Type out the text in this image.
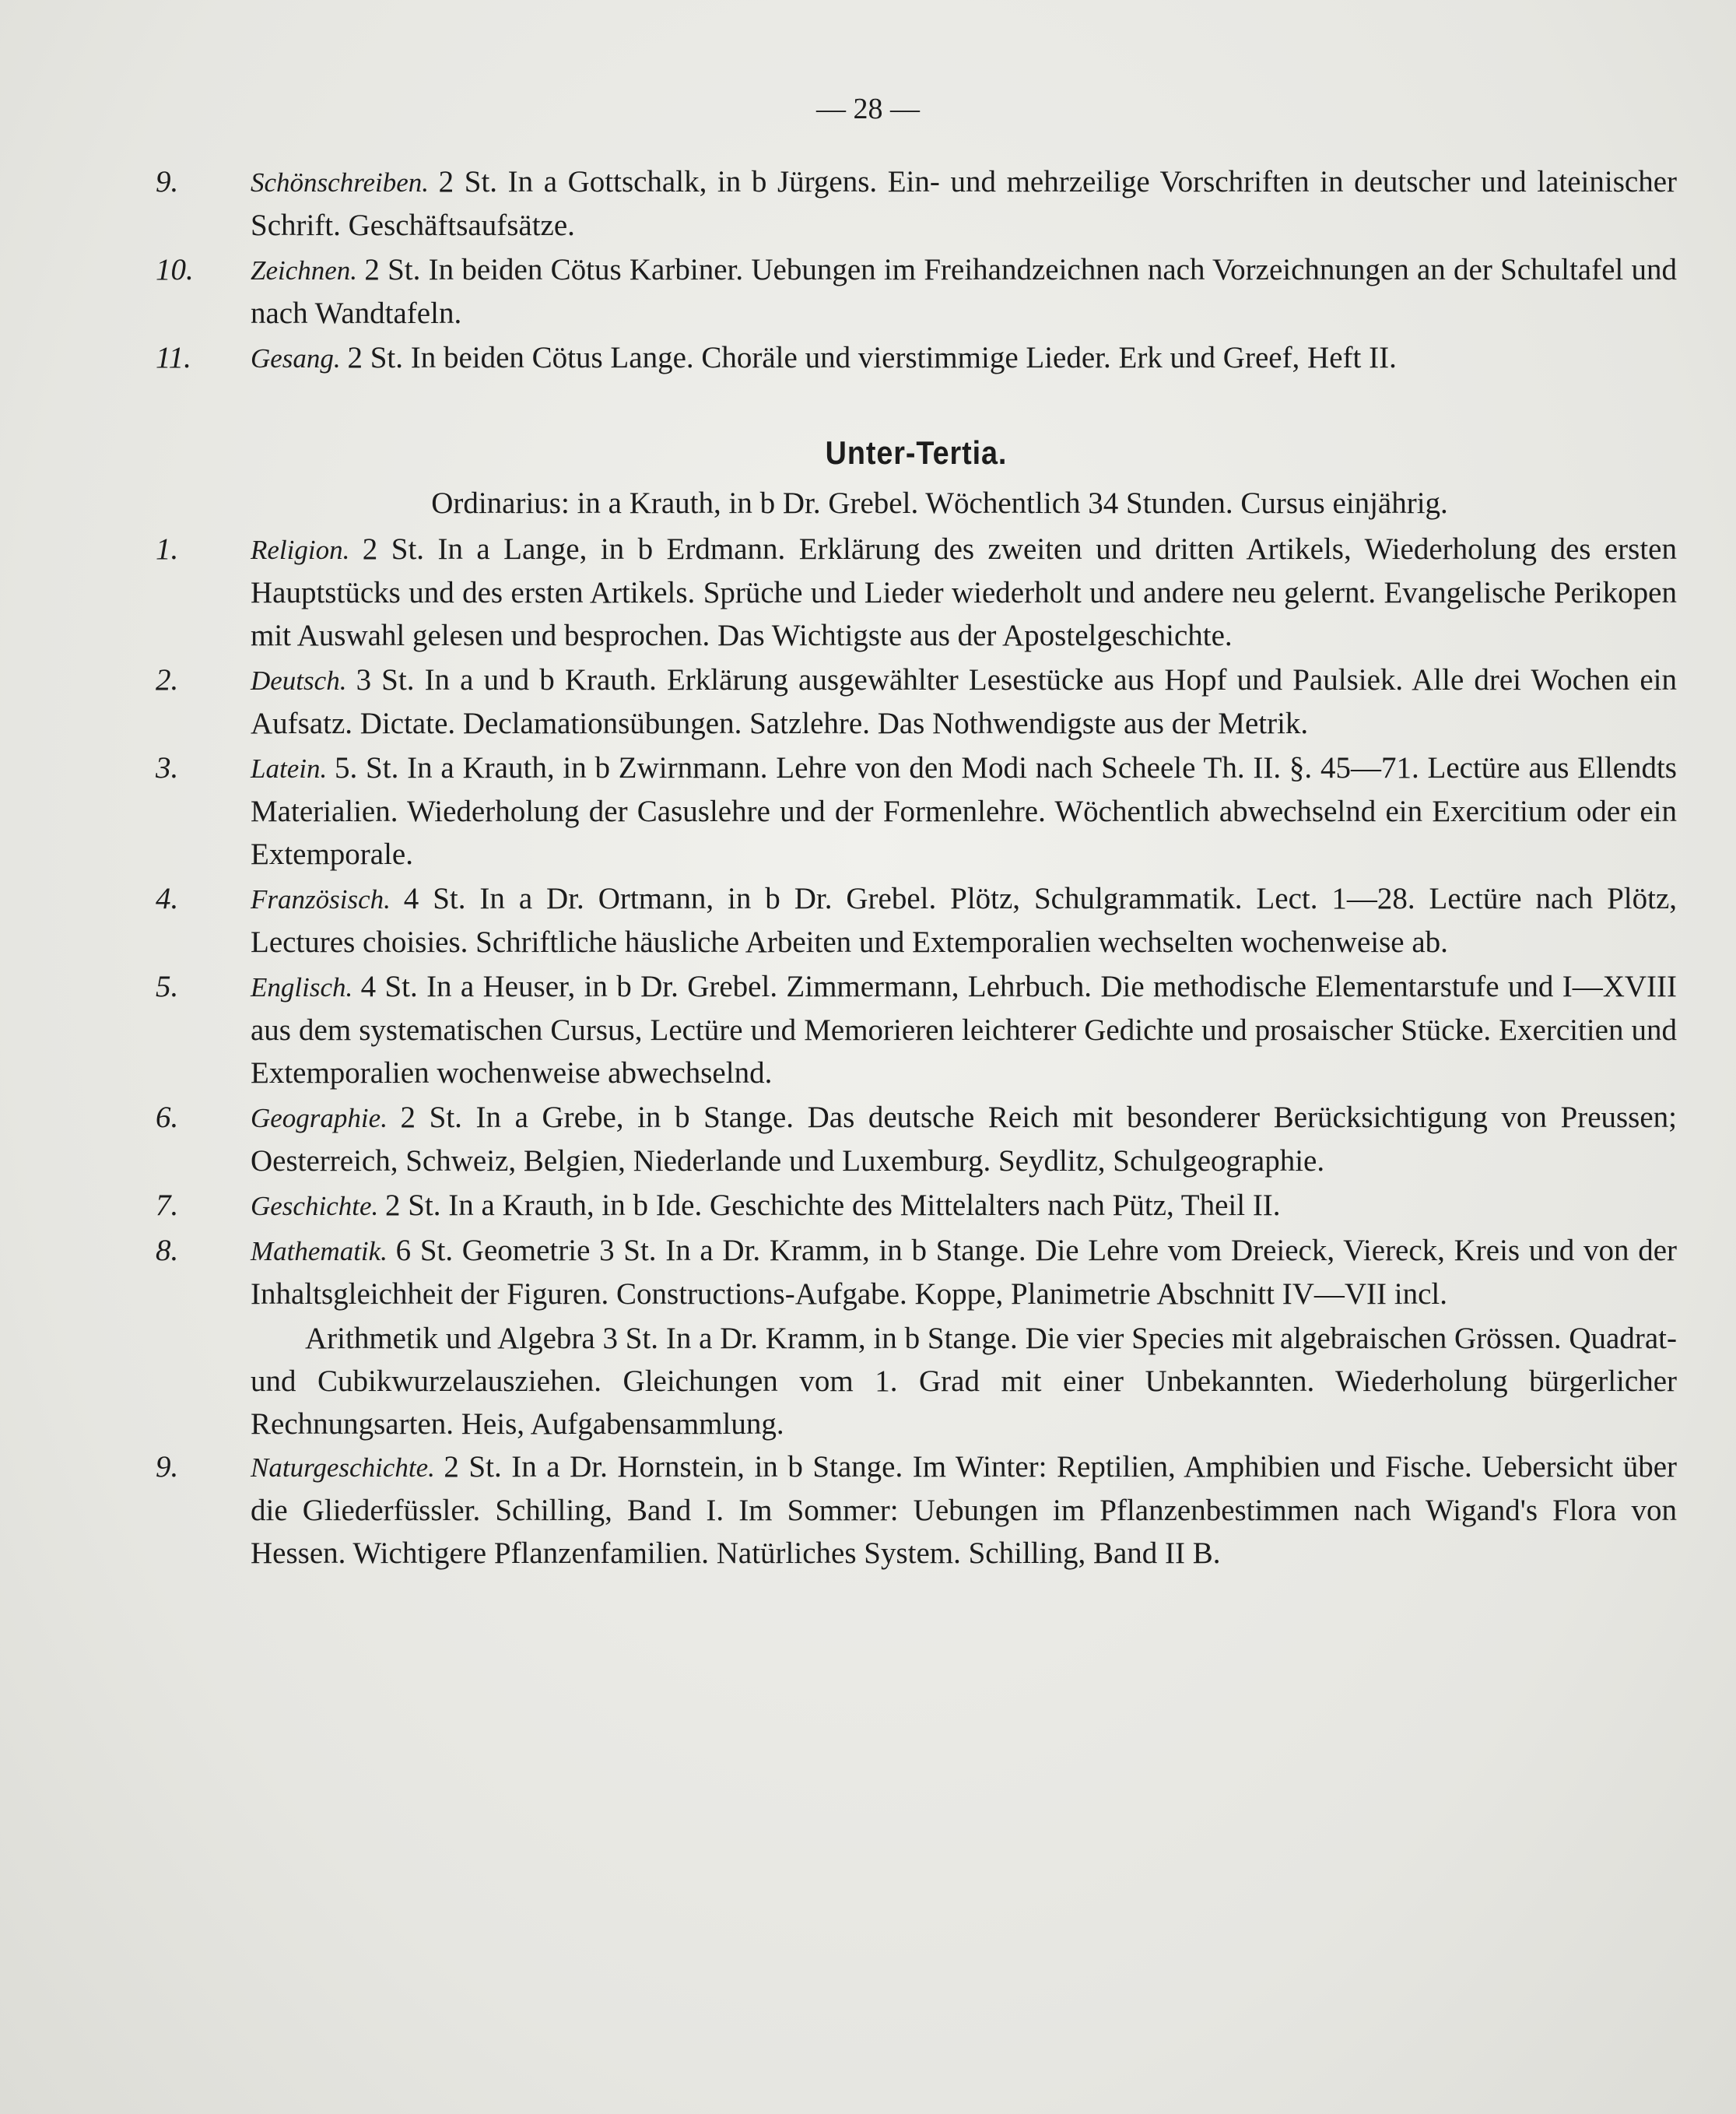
— 28 —
9.	Schönschreiben. 2 St. In a Gottschalk, in b Jürgens. Ein- und mehrzeilige Vorschriften in deutscher und lateinischer Schrift. Geschäftsaufsätze.
10. Zeichnen. 2 St. In beiden Cötus Karbiner. Uebungen im Freihandzeichnen nach Vorzeichnungen an der Schultafel und nach Wandtafeln.
11. Gesang. 2 St. In beiden Cötus Lange. Choräle und vierstimmige Lieder. Erk und Greef, Heft II.
Unter-Tertia.
Ordinarius: in a Krauth, in b Dr. Grebel. Wöchentlich 34 Stunden. Cursus einjährig.
1.	Religion. 2 St. In a Lange, in b Erdmann. Erklärung des zweiten und dritten Artikels, Wiederholung des ersten Hauptstücks und des ersten Artikels. Sprüche und Lieder wiederholt und andere neu gelernt. Evangelische Perikopen mit Auswahl gelesen und besprochen. Das Wichtigste aus der Apostelgeschichte.
2.	Deutsch. 3 St. In a und b Krauth. Erklärung ausgewählter Lesestücke aus Hopf und Paulsiek. Alle drei Wochen ein Aufsatz. Dictate. Declamationsübungen. Satzlehre. Das Nothwendigste aus der Metrik.
3.	Latein. 5. St. In a Krauth, in b Zwirnmann. Lehre von den Modi nach Scheele Th. II. §. 45—71. Lectüre aus Ellendts Materialien. Wiederholung der Casuslehre und der Formenlehre. Wöchentlich abwechselnd ein Exercitium oder ein Extemporale.
4.	Französisch. 4 St. In a Dr. Ortmann, in b Dr. Grebel. Plötz, Schulgrammatik. Lect. 1—28. Lectüre nach Plötz, Lectures choisies. Schriftliche häusliche Arbeiten und Extemporalien wechselten wochenweise ab.
5.	Englisch. 4 St. In a Heuser, in b Dr. Grebel. Zimmermann, Lehrbuch. Die methodische Elementarstufe und I—XVIII aus dem systematischen Cursus, Lectüre und Memorieren leichterer Gedichte und prosaischer Stücke. Exercitien und Extemporalien wochenweise abwechselnd.
6.	Geographie. 2 St. In a Grebe, in b Stange. Das deutsche Reich mit besonderer Berücksichtigung von Preussen; Oesterreich, Schweiz, Belgien, Niederlande und Luxemburg. Seydlitz, Schulgeographie.
7.	Geschichte. 2 St. In a Krauth, in b Ide. Geschichte des Mittelalters nach Pütz, Theil II.
8.	Mathematik. 6 St. Geometrie 3 St. In a Dr. Kramm, in b Stange. Die Lehre vom Dreieck, Viereck, Kreis und von der Inhaltsgleichheit der Figuren. Constructions-Aufgabe. Koppe, Planimetrie Abschnitt IV—VII incl.
Arithmetik und Algebra 3 St. In a Dr. Kramm, in b Stange. Die vier Species mit algebraischen Grössen. Quadrat- und Cubikwurzelausziehen. Gleichungen vom 1. Grad mit einer Unbekannten. Wiederholung bürgerlicher Rechnungsarten. Heis, Aufgabensammlung.
9.	Naturgeschichte. 2 St. In a Dr. Hornstein, in b Stange. Im Winter: Reptilien, Amphibien und Fische. Uebersicht über die Gliederfüssler. Schilling, Band I. Im Sommer: Uebungen im Pflanzenbestimmen nach Wigand's Flora von Hessen. Wichtigere Pflanzenfamilien. Natürliches System. Schilling, Band II B.
